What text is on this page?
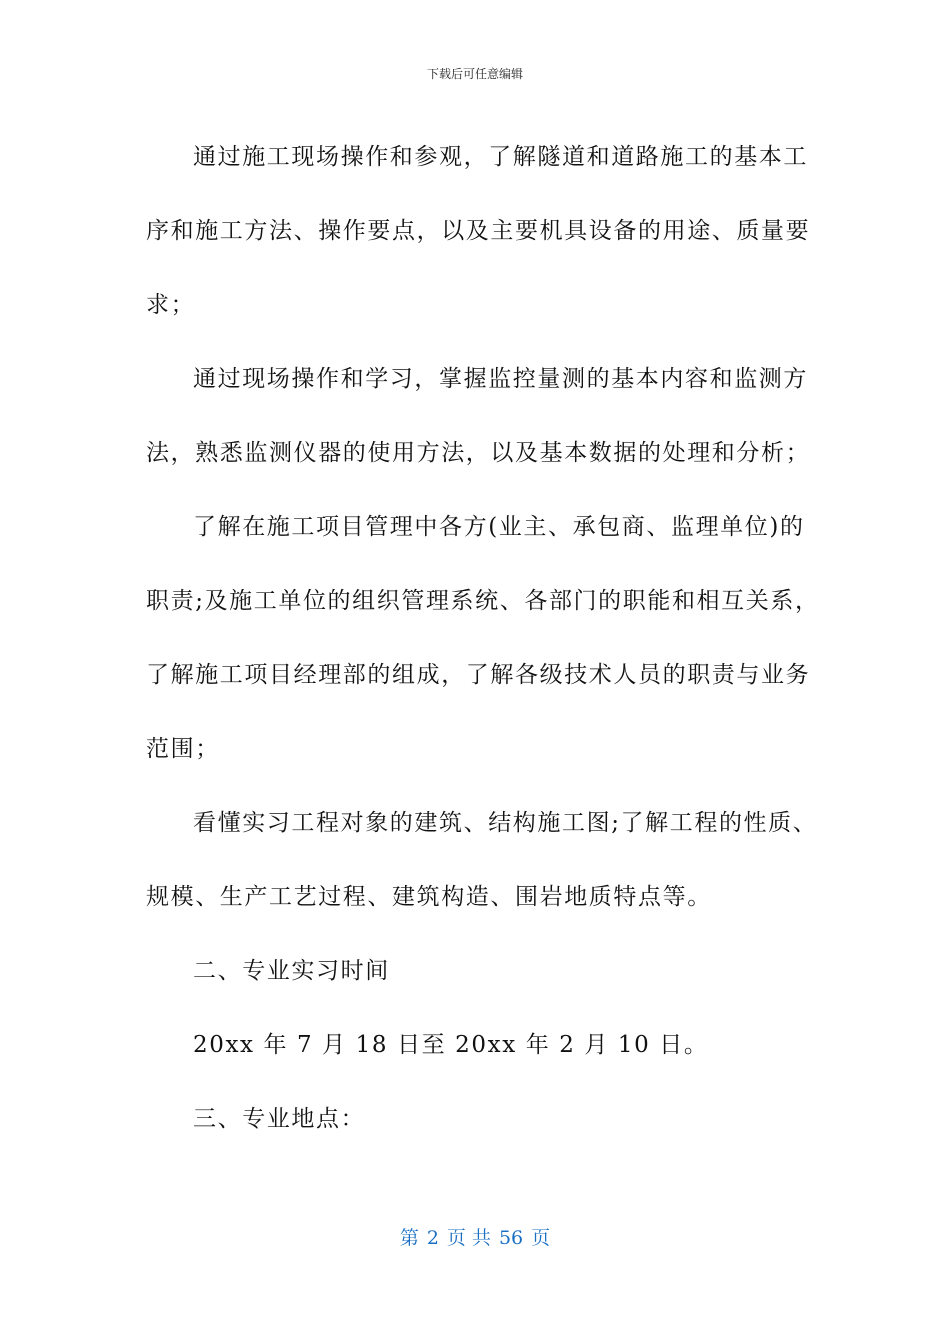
下载后可任意编辑
通过施工现场操作和参观，了解隧道和道路施工的基本工
序和施工方法、操作要点，以及主要机具设备的用途、质量要
求；
通过现场操作和学习，掌握监控量测的基本内容和监测方
法，熟悉监测仪器的使用方法，以及基本数据的处理和分析；
了解在施工项目管理中各方(业主、承包商、监理单位)的
职责;及施工单位的组织管理系统、各部门的职能和相互关系，
了解施工项目经理部的组成，了解各级技术人员的职责与业务
范围；
看懂实习工程对象的建筑、结构施工图;了解工程的性质、
规模、生产工艺过程、建筑构造、围岩地质特点等。
二、专业实习时间
20xx 年 7 月 18 日至 20xx 年 2 月 10 日。
三、专业地点：
第 2 页 共 56 页
